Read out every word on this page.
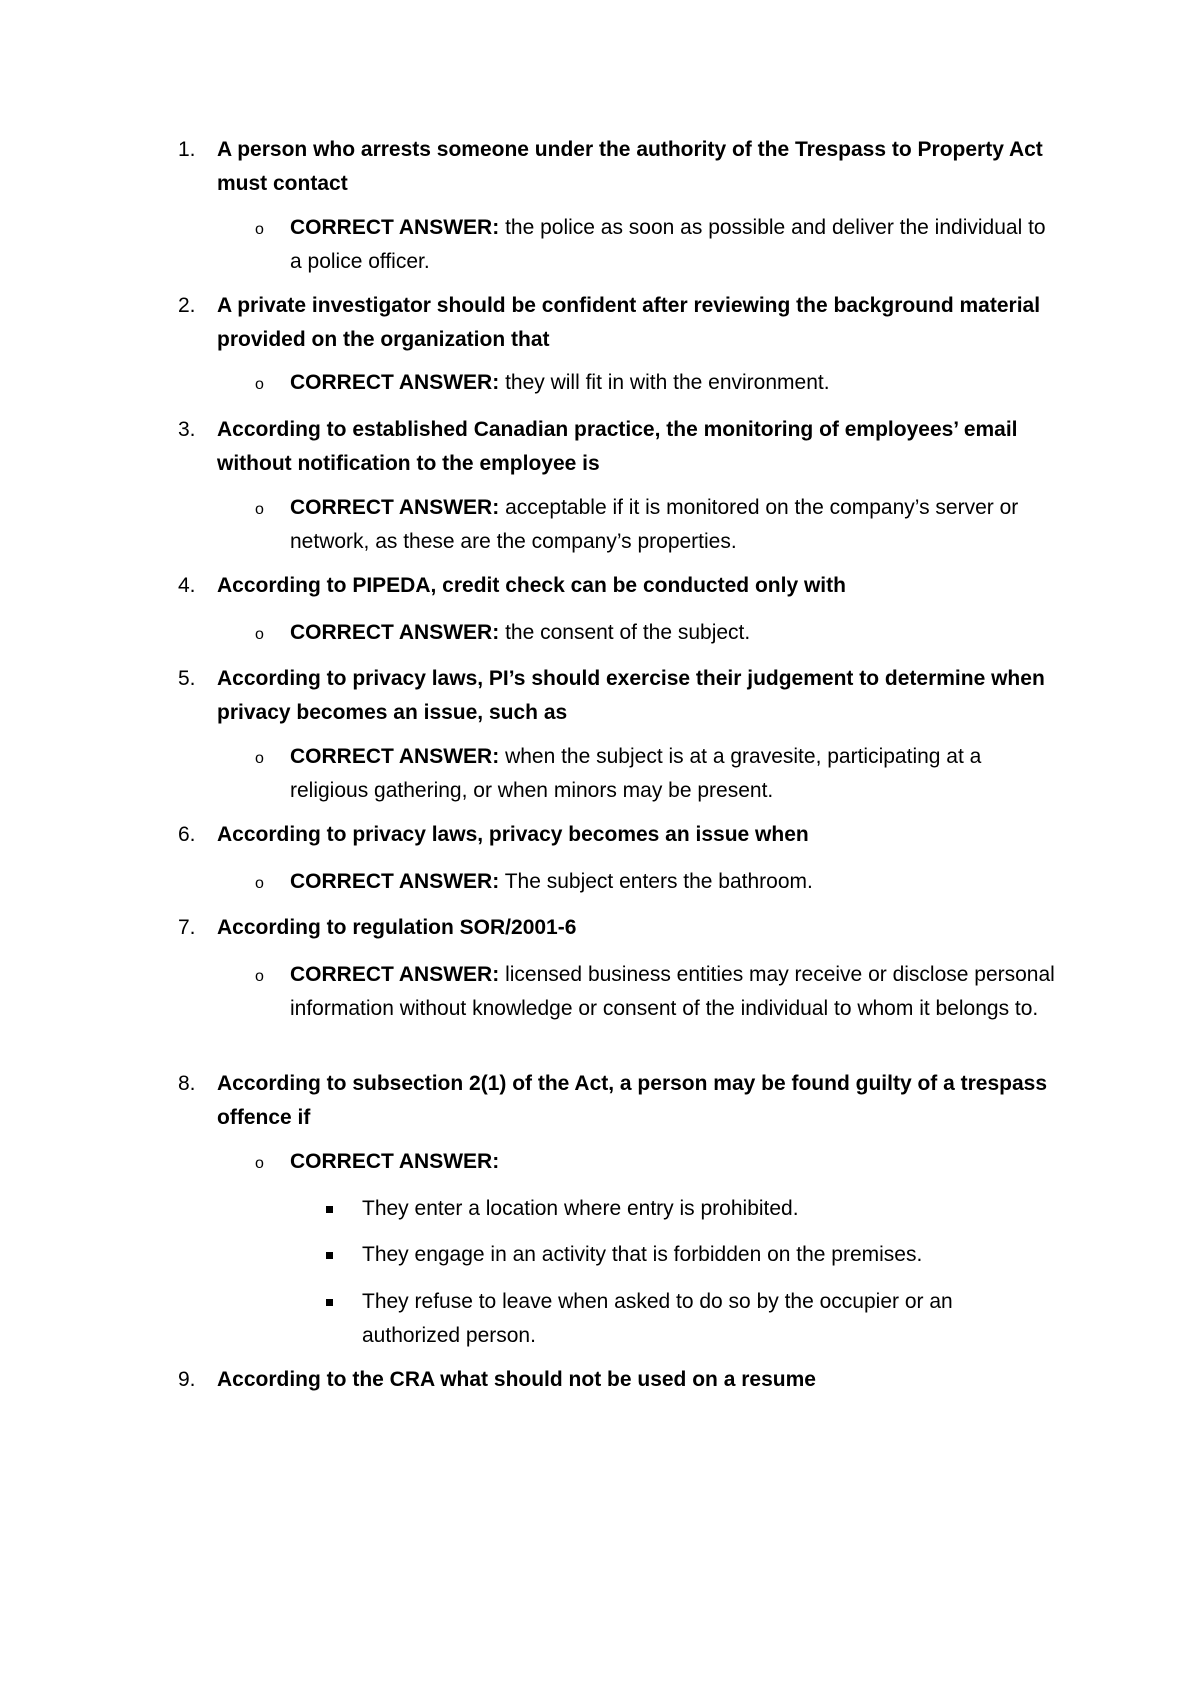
1. A person who arrests someone under the authority of the Trespass to Property Act must contact
o CORRECT ANSWER: the police as soon as possible and deliver the individual to a police officer.
2. A private investigator should be confident after reviewing the background material provided on the organization that
o CORRECT ANSWER: they will fit in with the environment.
3. According to established Canadian practice, the monitoring of employees’ email without notification to the employee is
o CORRECT ANSWER: acceptable if it is monitored on the company’s server or network, as these are the company’s properties.
4. According to PIPEDA, credit check can be conducted only with
o CORRECT ANSWER: the consent of the subject.
5. According to privacy laws, PI’s should exercise their judgement to determine when privacy becomes an issue, such as
o CORRECT ANSWER: when the subject is at a gravesite, participating at a religious gathering, or when minors may be present.
6. According to privacy laws, privacy becomes an issue when
o CORRECT ANSWER: The subject enters the bathroom.
7. According to regulation SOR/2001-6
o CORRECT ANSWER: licensed business entities may receive or disclose personal information without knowledge or consent of the individual to whom it belongs to.
8. According to subsection 2(1) of the Act, a person may be found guilty of a trespass offence if
o CORRECT ANSWER:
They enter a location where entry is prohibited.
They engage in an activity that is forbidden on the premises.
They refuse to leave when asked to do so by the occupier or an authorized person.
9. According to the CRA what should not be used on a resume
